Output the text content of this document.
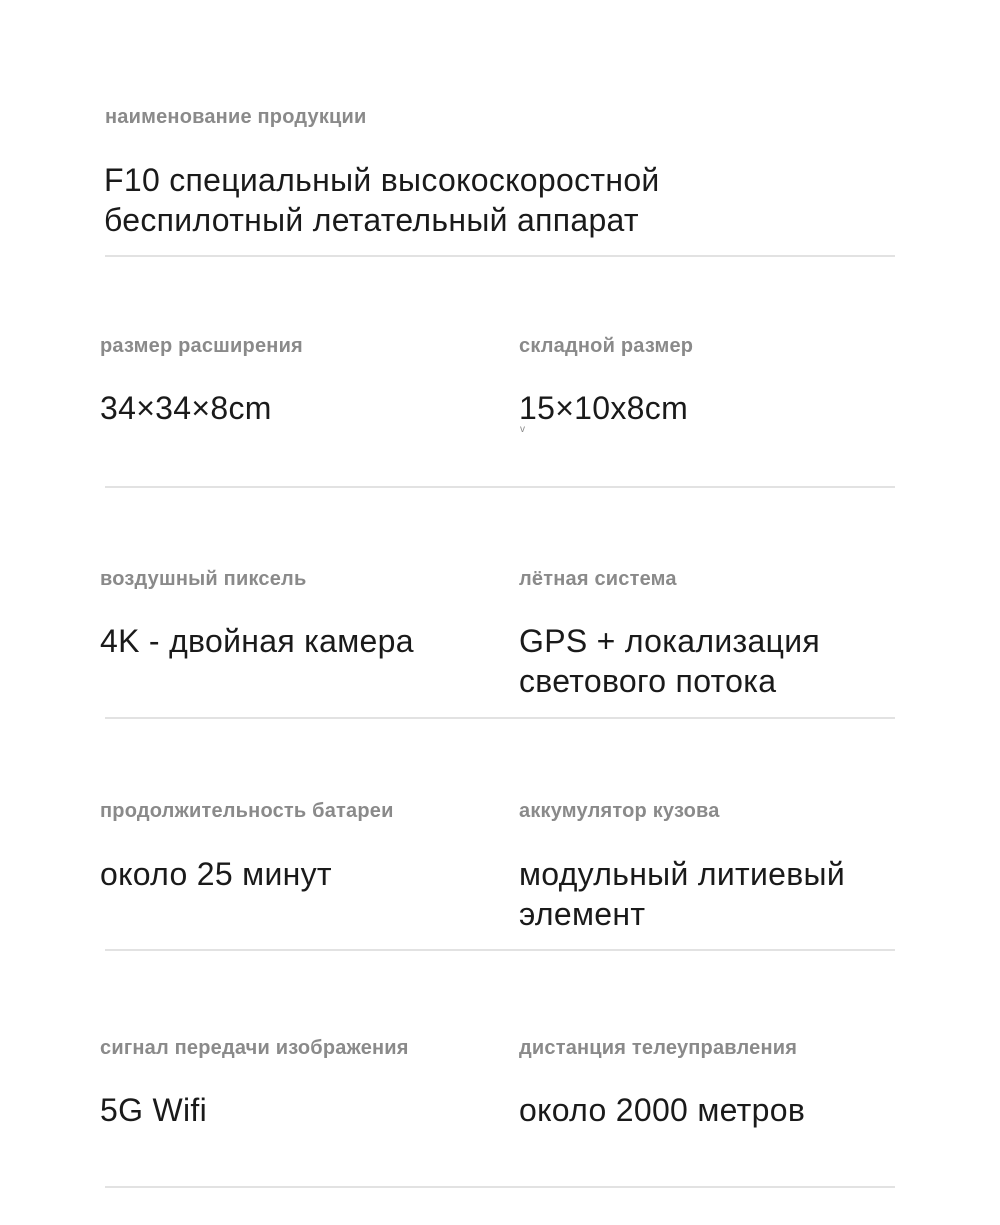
наименование продукции
F10 специальный высокоскоростной
беспилотный летательный аппарат
размер расширения
34×34×8cm
складной размер
15×10x8cm
v
воздушный пиксель
4K - двойная камера
лётная система
GPS + локализация
светового потока
продолжительность батареи
около 25 минут
аккумулятор кузова
модульный литиевый
элемент
сигнал передачи изображения
5G Wifi
дистанция телеуправления
около 2000 метров
